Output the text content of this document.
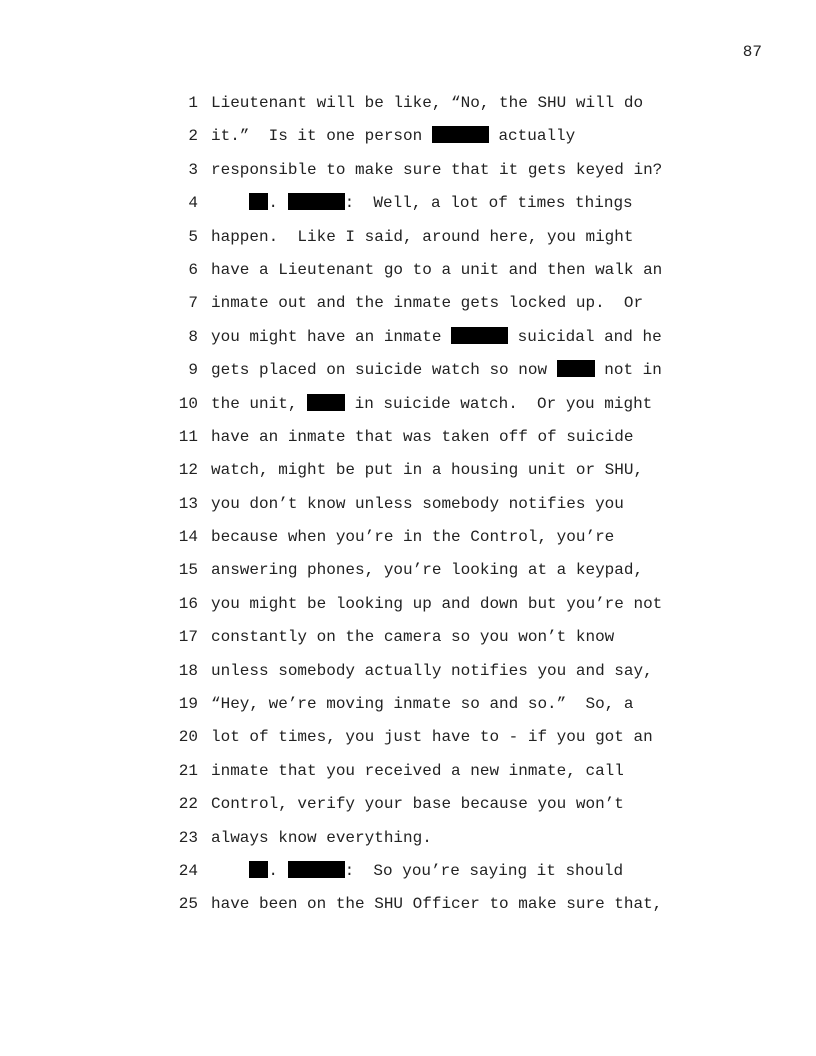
87
1 Lieutenant will be like, “No, the SHU will do
2 it.”  Is it one person	actually
3 responsible to make sure that it gets keyed in?
4	.	:  Well, a lot of times things
5 happen.  Like I said, around here, you might
6 have a Lieutenant go to a unit and then walk an
7 inmate out and the inmate gets locked up.  Or
8 you might have an inmate	suicidal and he
9 gets placed on suicide watch so now  not in
10 the unit,  in suicide watch.  Or you might
11 have an inmate that was taken off of suicide
12 watch, might be put in a housing unit or SHU,
13 you don’t know unless somebody notifies you
14 because when you’re in the Control, you’re
15 answering phones, you’re looking at a keypad,
16 you might be looking up and down but you’re not
17 constantly on the camera so you won’t know
18 unless somebody actually notifies you and say,
19 “Hey, we’re moving inmate so and so.”  So, a
20 lot of times, you just have to - if you got an
21 inmate that you received a new inmate, call
22 Control, verify your base because you won’t
23 always know everything.
24	.	:  So you’re saying it should
25 have been on the SHU Officer to make sure that,
